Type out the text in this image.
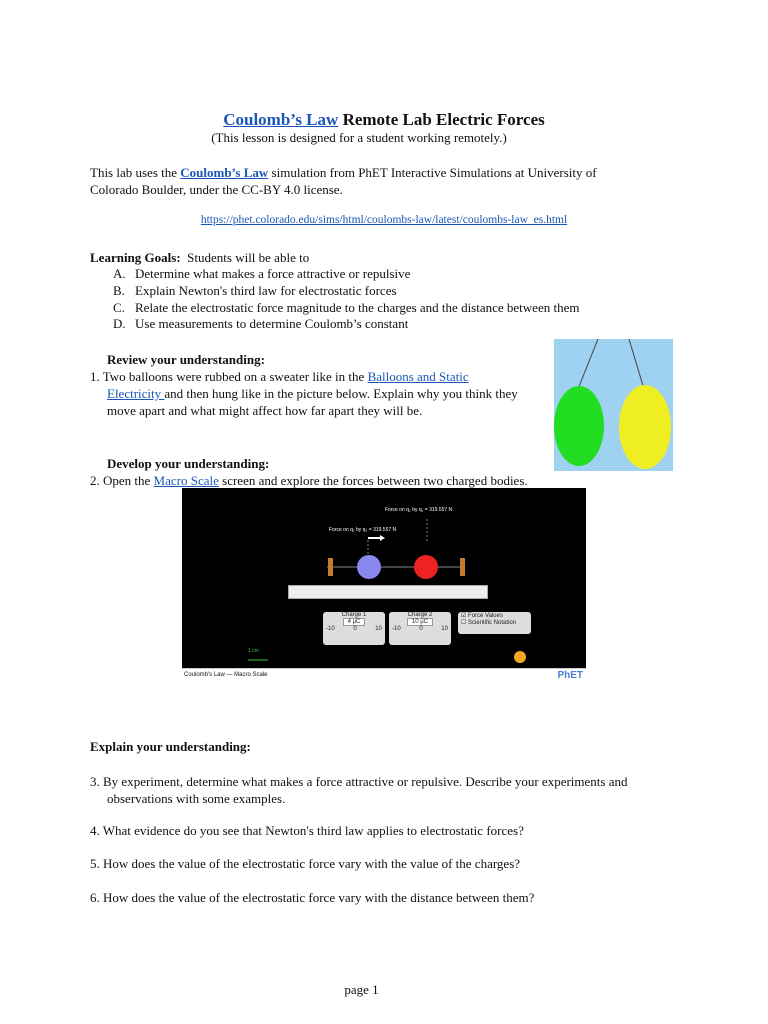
Coulomb’s Law Remote Lab Electric Forces
(This lesson is designed for a student working remotely.)
This lab uses the Coulomb’s Law simulation from PhET Interactive Simulations at University of
Colorado Boulder, under the CC-BY 4.0 license.
https://phet.colorado.edu/sims/html/coulombs-law/latest/coulombs-law_es.html
Learning Goals:  Students will be able to
A. Determine what makes a force attractive or repulsive
B. Explain Newton's third law for electrostatic forces
C. Relate the electrostatic force magnitude to the charges and the distance between them
D. Use measurements to determine Coulomb’s constant
Review your understanding:
1. Two balloons were rubbed on a sweater like in the Balloons and Static
Electricity and then hung like in the picture below. Explain why you think they
move apart and what might affect how far apart they will be.
Develop your understanding:
2. Open the Macro Scale screen and explore the forces between two charged bodies.
Force on q₂ by q₁ = 319.557 N
Force on q₁ by q₂ = 319.557 N
1 cm
Charge 1
4 μC
-10	0	10
Charge 2
10 μC
-10	0	10
☑ Force Values
☐ Scientific Notation
Coulomb's Law — Macro Scale	PhET
Explain your understanding:
3. By experiment, determine what makes a force attractive or repulsive. Describe your experiments and
observations with some examples.
4. What evidence do you see that Newton's third law applies to electrostatic forces?
5. How does the value of the electrostatic force vary with the value of the charges?
6. How does the value of the electrostatic force vary with the distance between them?
page 1
